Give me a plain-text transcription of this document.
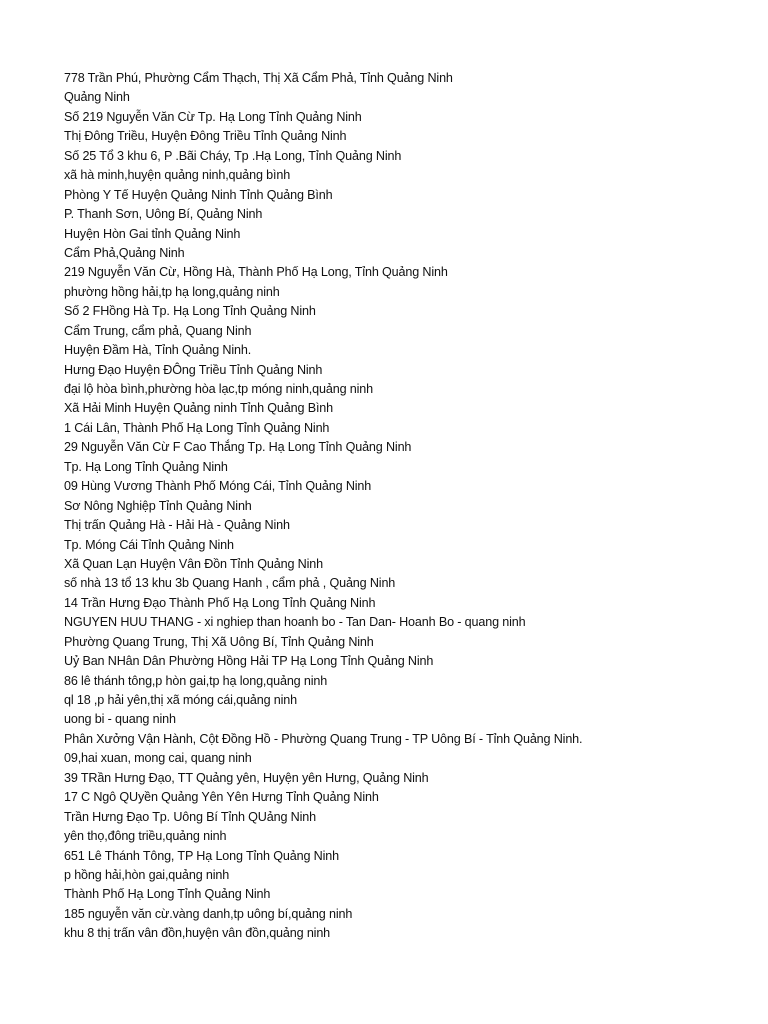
778 Trần Phú, Phường Cẩm Thạch, Thị Xã Cẩm Phả, Tỉnh Quảng Ninh
Quảng Ninh
Số 219 Nguyễn Văn Cừ Tp. Hạ Long Tỉnh Quảng Ninh
Thị Đông Triều, Huyện Đông Triều Tỉnh Quảng Ninh
Số 25 Tổ 3 khu 6, P .Bãi Cháy, Tp .Hạ Long, Tỉnh Quảng Ninh
xã hà minh,huyện quảng ninh,quảng bình
Phòng Y Tế Huyện Quảng Ninh Tỉnh Quảng Bình
P. Thanh Sơn, Uông Bí, Quảng Ninh
Huyện Hòn Gai tỉnh Quảng Ninh
Cẩm Phả,Quảng Ninh
219 Nguyễn Văn Cừ, Hồng Hà, Thành Phố Hạ Long, Tỉnh Quảng Ninh
phường hồng hải,tp hạ long,quảng ninh
Số 2 FHồng Hà Tp. Hạ Long Tỉnh Quảng Ninh
Cẩm Trung, cẩm phả, Quang Ninh
Huyện Đầm Hà, Tỉnh Quảng Ninh.
Hưng Đạo Huyện ĐÔng Triều Tỉnh Quảng Ninh
đại lộ hòa bình,phường hòa lạc,tp móng ninh,quảng ninh
Xã Hải Minh Huyện Quảng ninh Tỉnh Quảng Bình
1 Cái Lân, Thành Phố Hạ Long Tỉnh Quảng Ninh
29 Nguyễn Văn Cừ F Cao Thắng Tp. Hạ Long Tỉnh Quảng Ninh
Tp. Hạ Long Tỉnh Quảng Ninh
09 Hùng Vương Thành Phố Móng Cái, Tỉnh Quảng Ninh
Sơ Nông Nghiệp Tỉnh Quảng Ninh
Thị trấn Quảng Hà - Hải Hà - Quảng Ninh
Tp. Móng Cái Tỉnh Quảng Ninh
Xã Quan Lạn Huyện Vân Đồn Tỉnh Quảng Ninh
số nhà 13 tổ 13 khu 3b Quang Hanh , cẩm phả , Quảng Ninh
14 Trần Hưng Đạo Thành Phố Hạ Long Tỉnh Quảng Ninh
NGUYEN HUU THANG - xi nghiep than hoanh bo - Tan Dan- Hoanh Bo - quang ninh
Phường Quang Trung, Thị Xã Uông Bí, Tỉnh Quảng Ninh
Uỷ Ban NHân Dân Phường Hồng Hải TP Hạ Long Tỉnh Quảng Ninh
86 lê thánh tông,p hòn gai,tp hạ long,quảng ninh
ql 18 ,p hải yên,thị xã móng cái,quảng ninh
uong bi - quang ninh
Phân Xưởng Vận Hành, Cột Đồng Hồ - Phường Quang Trung - TP Uông Bí - Tỉnh Quảng Ninh.
09,hai xuan, mong cai, quang ninh
39 TRần Hưng Đạo, TT Quảng yên, Huyện yên Hưng, Quảng Ninh
17 C Ngô QUyền Quảng Yên Yên Hưng Tỉnh Quảng Ninh
Trần Hưng Đạo Tp. Uông Bí Tỉnh QUảng Ninh
yên thọ,đông triều,quảng ninh
651 Lê Thánh Tông, TP Hạ Long Tỉnh Quảng Ninh
p hồng hải,hòn gai,quảng ninh
Thành Phố Hạ Long Tỉnh Quảng Ninh
185 nguyễn văn cừ.vàng danh,tp uông bí,quảng ninh
khu 8 thị trấn vân đồn,huyện vân đồn,quảng ninh
